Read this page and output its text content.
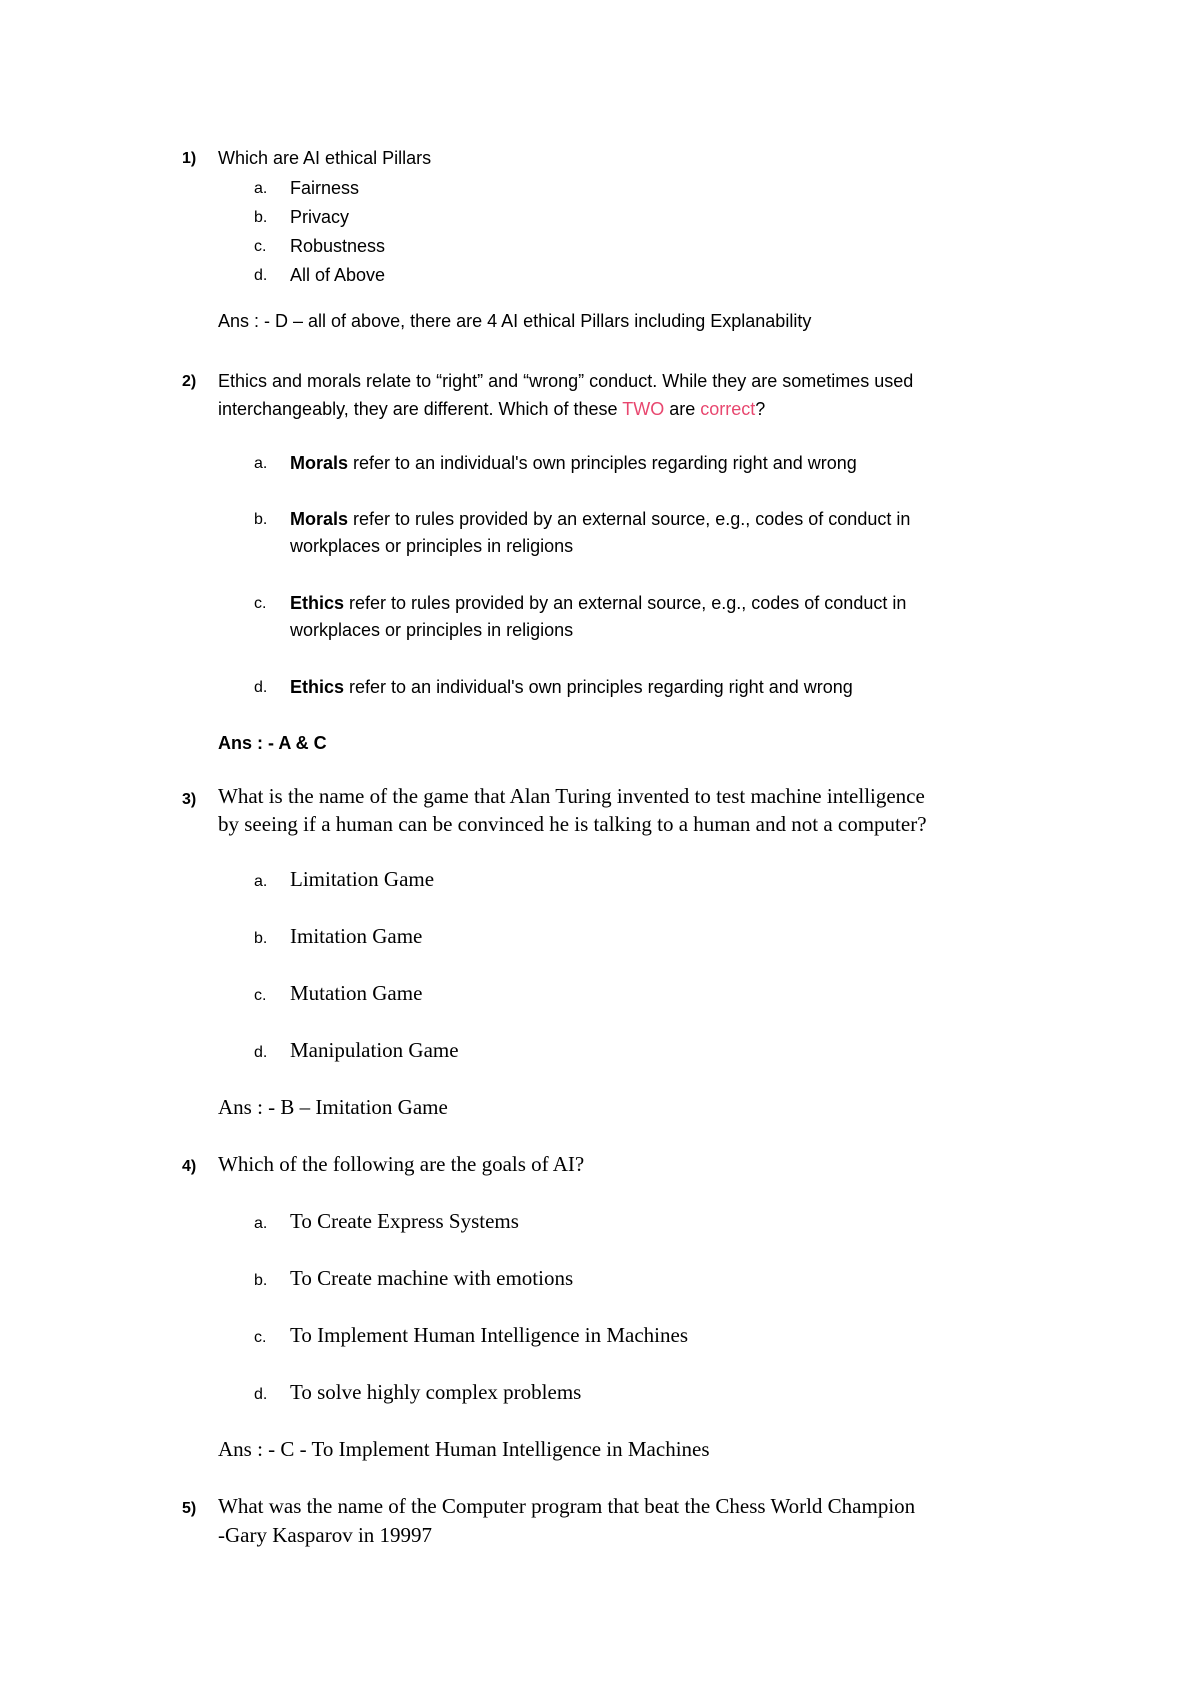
1) Which are AI ethical Pillars
a. Fairness
b. Privacy
c. Robustness
d. All of Above
Ans : - D – all of above, there are 4 AI ethical Pillars including Explanability
2) Ethics and morals relate to “right” and “wrong” conduct. While they are sometimes used
interchangeably, they are different. Which of these TWO are correct?
a. Morals refer to an individual's own principles regarding right and wrong
b. Morals refer to rules provided by an external source, e.g., codes of conduct in
workplaces or principles in religions
c. Ethics refer to rules provided by an external source, e.g., codes of conduct in
workplaces or principles in religions
d. Ethics refer to an individual's own principles regarding right and wrong
Ans : - A & C
3) What is the name of the game that Alan Turing invented to test machine intelligence
by seeing if a human can be convinced he is talking to a human and not a computer?
a. Limitation Game
b. Imitation Game
c. Mutation Game
d. Manipulation Game
Ans : - B – Imitation Game
4) Which of the following are the goals of AI?
a. To Create Express Systems
b. To Create machine with emotions
c. To Implement Human Intelligence in Machines
d. To solve highly complex problems
Ans : - C - To Implement Human Intelligence in Machines
5) What was the name of the Computer program that beat the Chess World Champion
-Gary Kasparov in 19997
